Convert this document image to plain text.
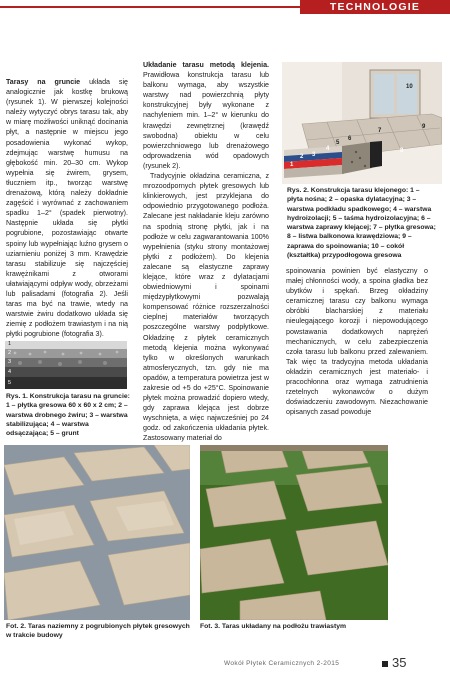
TECHNOLOGIE

Tarasy na gruncie układa się analogicznie jak kostkę brukową (rysunek 1). W pierwszej kolejności należy wytyczyć obrys tarasu tak, aby w miarę możliwości uniknąć docinania płyt, a następnie w miejscu jego posadowienia wykonać wykop, zdejmując warstwę humusu na głębokość min. 20–30 cm. Wykop wypełnia się żwirem, grysem, tłuczniem itp., tworząc warstwę drenażową, którą należy dokładnie zagęścić i wyrównać z zachowaniem spadku 1–2° (spadek pierwotny). Następnie układa się płytki pogrubione, pozostawiając otwarte spoiny lub wypełniając luźno grysem o uziarnieniu poniżej 3 mm. Krawędzie tarasu stabilizuje się najczęściej krawężnikami z otworami ułatwiającymi odpływ wody, obrzeżami lub palisadami (fotografia 2). Jeśli taras ma być na trawie, wtedy na warstwie żwiru dodatkowo układa się ziemię z podłożem trawiastym i na nią płytki pogrubione (fotografia 3).

Układanie tarasu metodą klejenia. Prawidłowa konstrukcja tarasu lub balkonu wymaga, aby wszystkie warstwy nad powierzchnią płyty konstrukcyjnej były wykonane z nachyleniem min. 1–2° w kierunku do krawędzi zewnętrznej (krawędź swobodna) obiektu w celu powierzchniowego lub drenażowego odprowadzenia wód opadowych (rysunek 2).

Tradycyjnie okładzina ceramiczna, z mrozoodpornych płytek gresowych lub klinkierowych, jest przyklejana do odpowiednio przygotowanego podłoża. Zalecane jest nakładanie kleju zarówno na spodnią stronę płytki, jak i na podłoże w celu zagwarantowania 100% wypełnienia (styku strony montażowej płytki z podłożem). Do klejenia zalecane są elastyczne zaprawy klejące, które wraz z dylatacjami obwiedniowymi i spoinami międzypłytkowymi pozwalają kompensować różnice rozszerzalności cieplnej materiałów tworzących poszczególne warstwy podpłytkowe. Okładzinę z płytek ceramicznych metodą klejenia można wykonywać tylko w określonych warunkach atmosferycznych, tzn. gdy nie ma opadów, a temperatura powietrza jest w zakresie od +5 do +25°C. Spoinowanie płytek można prowadzić dopiero wtedy, gdy zaprawa klejąca jest dobrze wyschnięta, a więc najwcześniej po 24 godz. od zakończenia układania płytek. Zastosowany materiał do

1
2 3
4
5
6
7
8
9
10
Rys. 2. Konstrukcja tarasu klejonego: 1 – płyta nośna; 2 – opaska dylatacyjna; 3 – warstwa podkładu spadkowego; 4 – warstwa hydroizolacji; 5 – taśma hydroizolacyjna; 6 – warstwa zaprawy klejącej; 7 – płytka gresowa; 8 – listwa balkonowa krawędziowa; 9 – zaprawa do spoinowania; 10 – cokół (kształtka) przypodłogowa gresowa

spoinowania powinien być elastyczny o małej chłonności wody, a spoina gładka bez ubytków i spękań. Brzeg okładziny ceramicznej tarasu czy balkonu wymaga obróbki blacharskiej z materiału nieulegającego korozji i niepowodującego powstawania dodatkowych naprężeń mechanicznych, w celu zabezpieczenia czoła tarasu lub balkonu przed zalewaniem. Tak więc ta tradycyjna metoda układania okładzin ceramicznych jest materiało- i pracochłonna oraz wymaga zatrudnienia rzetelnych wykonawców o dużym doświadczeniu zawodowym. Niezachowanie opisanych zasad powoduje

1
2
3
4
5
Rys. 1. Konstrukcja tarasu na gruncie: 1 – płytka gresowa 60 x 60 x 2 cm; 2 – warstwa drobnego żwiru; 3 – warstwa stabilizująca; 4 – warstwa odsączająca; 5 – grunt
Fot. 2. Taras naziemny z pogrubionych płytek gresowych w trakcie budowy
Fot. 3. Taras układany na podłożu trawiastym
Wokół Płytek Ceramicznych 2-2015	35
